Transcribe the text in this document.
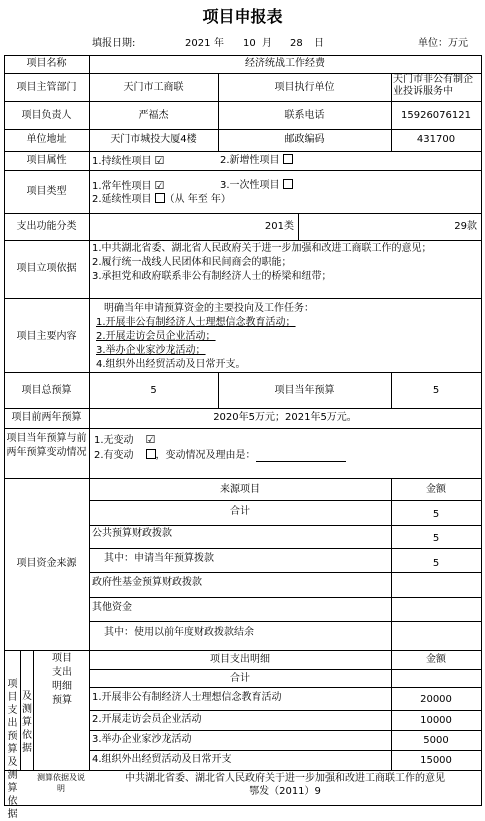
项目申报表
填报日期:	2021 年 10 月 28 日	单位：万元
项目名称	经济统战工作经费
项目主管部门	天门市工商联	项目执行单位
天门市非公有制企业投诉服务中
项目负责人	严福杰	联系电话	15926076121
单位地址	天门市城投大厦4楼	邮政编码	431700
项目属性	1.持续性项目 ☑	2.新增性项目
项目类型	1.常年性项目 ☑	3.一次性项目
2.延续性项目 （从 年至 年）
支出功能分类	201类	29款
项目立项依据
1.中共湖北省委、湖北省人民政府关于进一步加强和改进工商联工作的意见；
2.履行统一战线人民团体和民间商会的职能；
3.承担党和政府联系非公有制经济人士的桥梁和纽带；
项目主要内容
明确当年申请预算资金的主要投向及工作任务：
1.开展非公有制经济人士理想信念教育活动；
2.开展走访会员企业活动；
3.举办企业家沙龙活动；
4.组织外出经贸活动及日常开支。
项目总预算	5	项目当年预算	5
项目前两年预算	2020年5万元；2021年5万元。
项目当年预算与前两年预算变动情况
1.无变动 ☑
2.有变动 ，变动情况及理由是：
项目资金来源
来源项目	金额
合计	5
公共预算财政拨款	5
其中：申请当年预算拨款	5
政府性基金预算财政拨款
其他资金
其中：使用以前年度财政拨款结余
项目支出预算及测算依据
及测算依据
项目支出明细预算
项目支出明细	金额
合计
1.开展非公有制经济人士理想信念教育活动	20000
2.开展走访会员企业活动	10000
3.举办企业家沙龙活动	5000
4.组织外出经贸活动及日常开支	15000
测算依据及说明
中共湖北省委、湖北省人民政府关于进一步加强和改进工商联工作的意见
鄂发（2011）9
